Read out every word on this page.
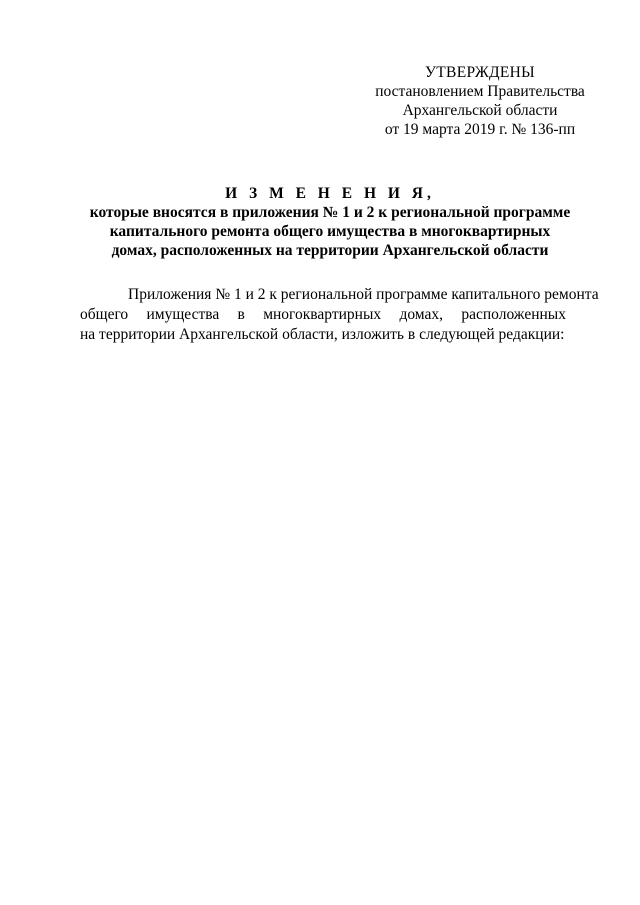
УТВЕРЖДЕНЫ
постановлением Правительства
Архангельской области
от 19 марта 2019 г. № 136-пп
И З М Е Н Е Н И Я,
которые вносятся в приложения № 1 и 2 к региональной программе
капитального ремонта общего имущества в многоквартирных
домах, расположенных на территории Архангельской области
Приложения № 1 и 2 к региональной программе капитального ремонта
общего имущества в многоквартирных домах, расположенных
на территории Архангельской области, изложить в следующей редакции:
